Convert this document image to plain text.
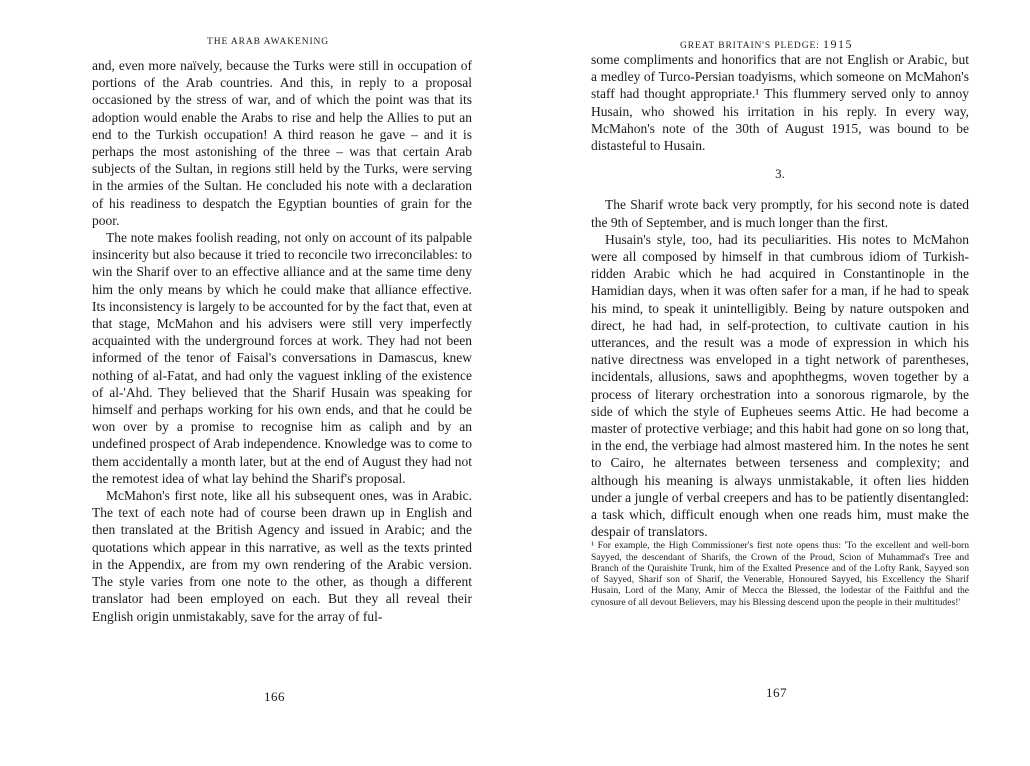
THE ARAB AWAKENING

and, even more naïvely, because the Turks were still in occupation of portions of the Arab countries. And this, in reply to a proposal occasioned by the stress of war, and of which the point was that its adoption would enable the Arabs to rise and help the Allies to put an end to the Turkish occupation! A third reason he gave – and it is perhaps the most astonishing of the three – was that certain Arab subjects of the Sultan, in regions still held by the Turks, were serving in the armies of the Sultan. He concluded his note with a declaration of his readiness to despatch the Egyptian bounties of grain for the poor.

The note makes foolish reading, not only on account of its palpable insincerity but also because it tried to reconcile two irreconcilables: to win the Sharif over to an effective alliance and at the same time deny him the only means by which he could make that alliance effective. Its inconsistency is largely to be accounted for by the fact that, even at that stage, McMahon and his advisers were still very imperfectly acquainted with the underground forces at work. They had not been informed of the tenor of Faisal's conversations in Damascus, knew nothing of al-Fatat, and had only the vaguest inkling of the existence of al-'Ahd. They believed that the Sharif Husain was speaking for himself and perhaps working for his own ends, and that he could be won over by a promise to recognise him as caliph and by an undefined prospect of Arab independence. Knowledge was to come to them accidentally a month later, but at the end of August they had not the remotest idea of what lay behind the Sharif's proposal.

McMahon's first note, like all his subsequent ones, was in Arabic. The text of each note had of course been drawn up in English and then translated at the British Agency and issued in Arabic; and the quotations which appear in this narrative, as well as the texts printed in the Appendix, are from my own rendering of the Arabic version. The style varies from one note to the other, as though a different translator had been employed on each. But they all reveal their English origin unmistakably, save for the array of ful-

166
GREAT BRITAIN'S PLEDGE: 1915

some compliments and honorifics that are not English or Arabic, but a medley of Turco-Persian toadyisms, which someone on McMahon's staff had thought appropriate.¹ This flummery served only to annoy Husain, who showed his irritation in his reply. In every way, McMahon's note of the 30th of August 1915, was bound to be distasteful to Husain.

3.

The Sharif wrote back very promptly, for his second note is dated the 9th of September, and is much longer than the first.

Husain's style, too, had its peculiarities. His notes to McMahon were all composed by himself in that cumbrous idiom of Turkish-ridden Arabic which he had acquired in Constantinople in the Hamidian days, when it was often safer for a man, if he had to speak his mind, to speak it unintelligibly. Being by nature outspoken and direct, he had had, in self-protection, to cultivate caution in his utterances, and the result was a mode of expression in which his native directness was enveloped in a tight network of parentheses, incidentals, allusions, saws and apophthegms, woven together by a process of literary orchestration into a sonorous rigmarole, by the side of which the style of Eupheues seems Attic. He had become a master of protective verbiage; and this habit had gone on so long that, in the end, the verbiage had almost mastered him. In the notes he sent to Cairo, he alternates between terseness and complexity; and although his meaning is always unmistakable, it often lies hidden under a jungle of verbal creepers and has to be patiently disentangled: a task which, difficult enough when one reads him, must make the despair of translators.

¹ For example, the High Commissioner's first note opens thus: 'To the excellent and well-born Sayyed, the descendant of Sharifs, the Crown of the Proud, Scion of Muhammad's Tree and Branch of the Quraishite Trunk, him of the Exalted Presence and of the Lofty Rank, Sayyed son of Sayyed, Sharif son of Sharif, the Venerable, Honoured Sayyed, his Excellency the Sharif Husain, Lord of the Many, Amir of Mecca the Blessed, the lodestar of the Faithful and the cynosure of all devout Believers, may his Blessing descend upon the people in their multitudes!'

167
